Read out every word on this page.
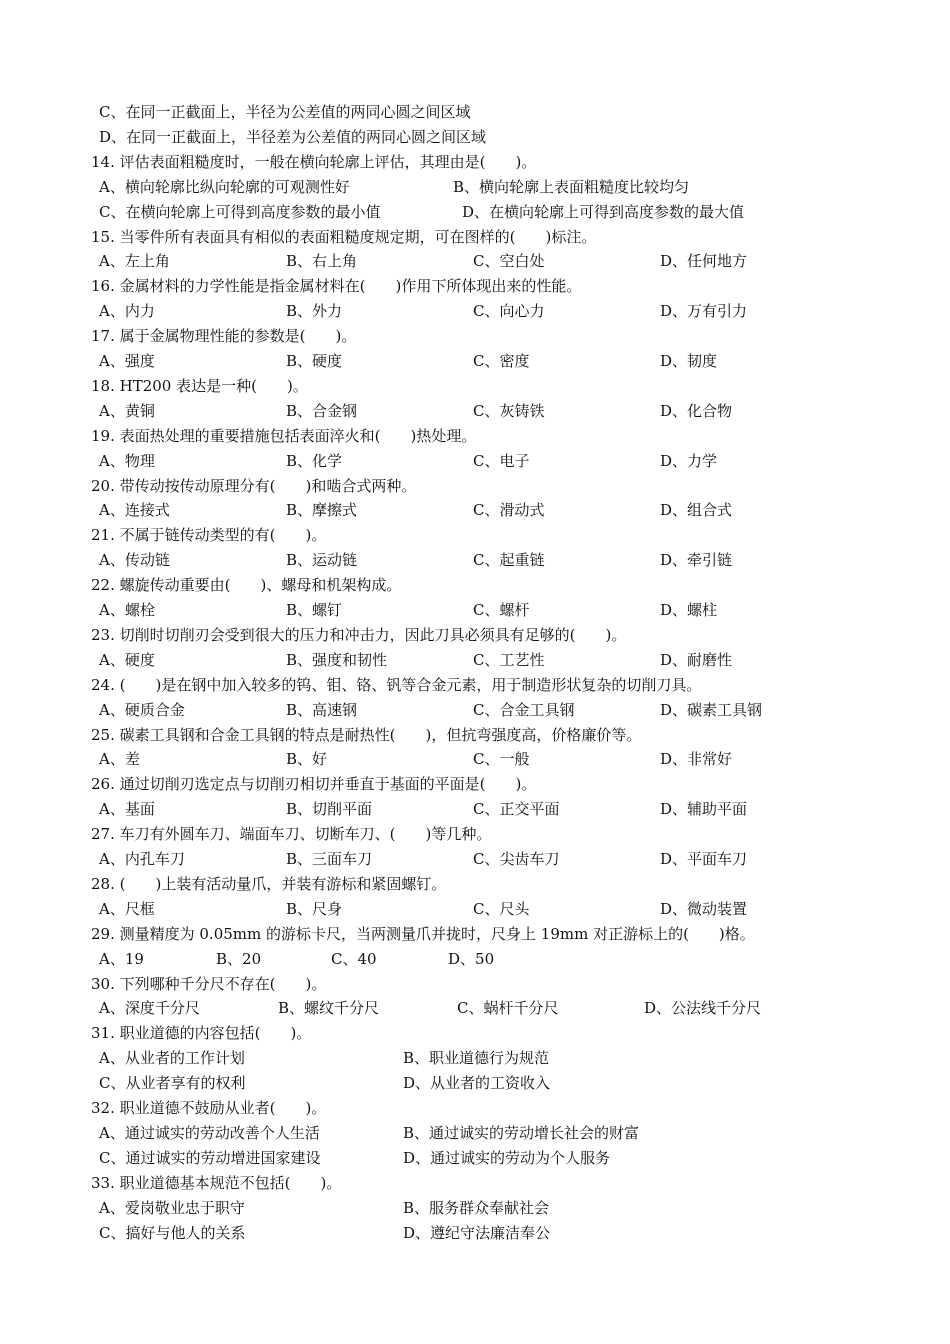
C、在同一正截面上，半径为公差值的两同心圆之间区域
D、在同一正截面上，半径差为公差值的两同心圆之间区域
14. 评估表面粗糙度时，一般在横向轮廓上评估，其理由是(　　)。
A、横向轮廓比纵向轮廓的可观测性好	B、横向轮廓上表面粗糙度比较均匀
C、在横向轮廓上可得到高度参数的最小值	D、在横向轮廓上可得到高度参数的最大值
15. 当零件所有表面具有相似的表面粗糙度规定期，可在图样的(　　)标注。
A、左上角	B、右上角	C、空白处	D、任何地方
16. 金属材料的力学性能是指金属材料在(　　)作用下所体现出来的性能。
A、内力	B、外力	C、向心力	D、万有引力
17. 属于金属物理性能的参数是(　　)。
A、强度	B、硬度	C、密度	D、韧度
18. HT200 表达是一种(　　)。
A、黄铜	B、合金钢	C、灰铸铁	D、化合物
19. 表面热处理的重要措施包括表面淬火和(　　)热处理。
A、物理	B、化学	C、电子	D、力学
20. 带传动按传动原理分有(　　)和啮合式两种。
A、连接式	B、摩擦式	C、滑动式	D、组合式
21. 不属于链传动类型的有(　　)。
A、传动链	B、运动链	C、起重链	D、牵引链
22. 螺旋传动重要由(　　)、螺母和机架构成。
A、螺栓	B、螺钉	C、螺杆	D、螺柱
23. 切削时切削刃会受到很大的压力和冲击力，因此刀具必须具有足够的(　　)。
A、硬度	B、强度和韧性	C、工艺性	D、耐磨性
24. (　　)是在钢中加入较多的钨、钼、铬、钒等合金元素，用于制造形状复杂的切削刀具。
A、硬质合金	B、高速钢	C、合金工具钢	D、碳素工具钢
25. 碳素工具钢和合金工具钢的特点是耐热性(　　)，但抗弯强度高，价格廉价等。
A、差	B、好	C、一般	D、非常好
26. 通过切削刃选定点与切削刃相切并垂直于基面的平面是(　　)。
A、基面	B、切削平面	C、正交平面	D、辅助平面
27. 车刀有外圆车刀、端面车刀、切断车刀、(　　)等几种。
A、内孔车刀	B、三面车刀	C、尖齿车刀	D、平面车刀
28. (　　)上装有活动量爪，并装有游标和紧固螺钉。
A、尺框	B、尺身	C、尺头	D、微动装置
29. 测量精度为 0.05mm 的游标卡尺，当两测量爪并拢时，尺身上 19mm 对正游标上的(　　)格。
A、19	B、20	C、40	D、50
30. 下列哪种千分尺不存在(　　)。
A、深度千分尺	B、螺纹千分尺	C、蜗杆千分尺	D、公法线千分尺
31. 职业道德的内容包括(　　)。
A、从业者的工作计划	B、职业道德行为规范
C、从业者享有的权利	D、从业者的工资收入
32. 职业道德不鼓励从业者(　　)。
A、通过诚实的劳动改善个人生活	B、通过诚实的劳动增长社会的财富
C、通过诚实的劳动增进国家建设	D、通过诚实的劳动为个人服务
33. 职业道德基本规范不包括(　　)。
A、爱岗敬业忠于职守	B、服务群众奉献社会
C、搞好与他人的关系	D、遵纪守法廉洁奉公
